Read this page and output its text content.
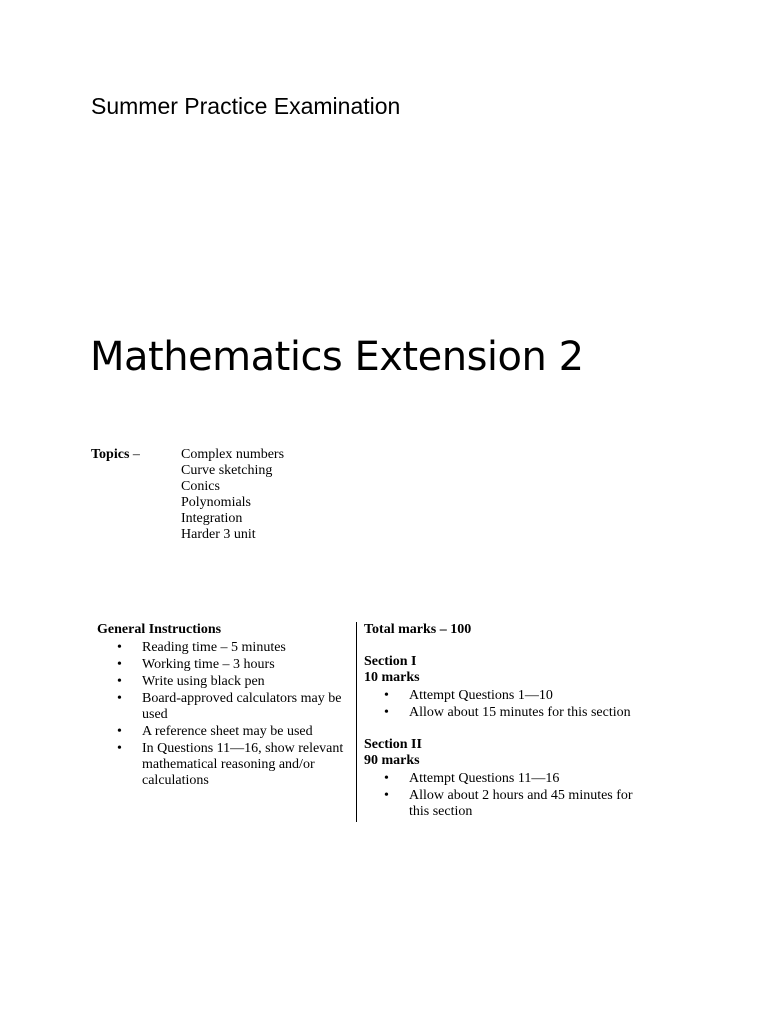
Summer Practice Examination
Mathematics Extension 2
Topics –	Complex numbers
Curve sketching
Conics
Polynomials
Integration
Harder 3 unit

General Instructions

• Reading time – 5 minutes
• Working time – 3 hours
• Write using black pen
• Board-approved calculators may be used
• A reference sheet may be used
• In Questions 11—16, show relevant mathematical reasoning and/or calculations

Total marks – 100

Section I

10 marks

• Attempt Questions 1—10
• Allow about 15 minutes for this section

Section II

90 marks

• Attempt Questions 11—16
• Allow about 2 hours and 45 minutes for this section
